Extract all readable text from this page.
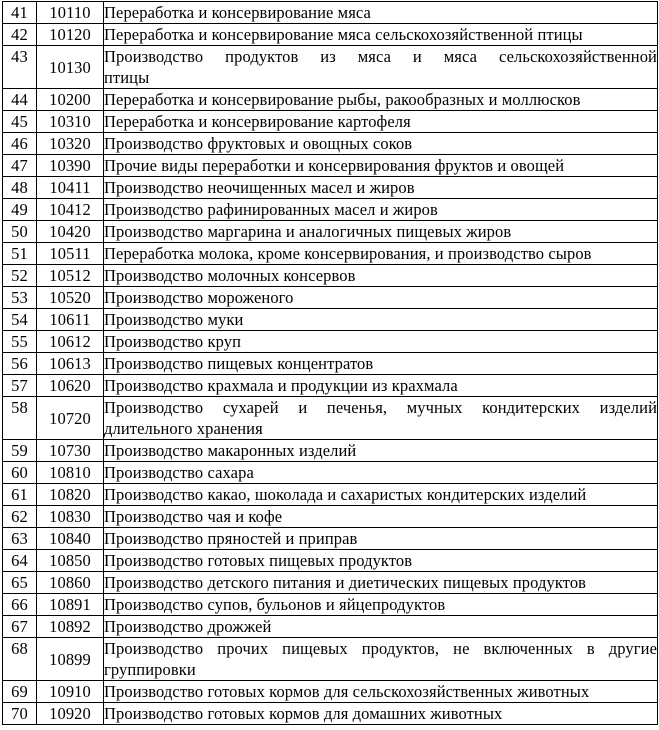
41	10110	Переработка и консервирование мяса
42	10120	Переработка и консервирование мяса сельскохозяйственной птицы
43	10130	Производство продуктов из мяса и мяса сельскохозяйственной
птицы

44	10200	Переработка и консервирование рыбы, ракообразных и моллюсков
45	10310	Переработка и консервирование картофеля
46	10320	Производство фруктовых и овощных соков
47	10390	Прочие виды переработки и консервирования фруктов и овощей
48	10411	Производство неочищенных масел и жиров
49	10412	Производство рафинированных масел и жиров
50	10420	Производство маргарина и аналогичных пищевых жиров
51	10511	Переработка молока, кроме консервирования, и производство сыров
52	10512	Производство молочных консервов
53	10520	Производство мороженого
54	10611	Производство муки
55	10612	Производство круп
56	10613	Производство пищевых концентратов
57	10620	Производство крахмала и продукции из крахмала
58	10720	Производство сухарей и печенья, мучных кондитерских изделий
длительного хранения

59	10730	Производство макаронных изделий
60	10810	Производство сахара
61	10820	Производство какао, шоколада и сахаристых кондитерских изделий
62	10830	Производство чая и кофе
63	10840	Производство пряностей и приправ
64	10850	Производство готовых пищевых продуктов
65	10860	Производство детского питания и диетических пищевых продуктов
66	10891	Производство супов, бульонов и яйцепродуктов
67	10892	Производство дрожжей
68	10899	Производство прочих пищевых продуктов, не включенных в другие
группировки

69	10910	Производство готовых кормов для сельскохозяйственных животных
70	10920	Производство готовых кормов для домашних животных
